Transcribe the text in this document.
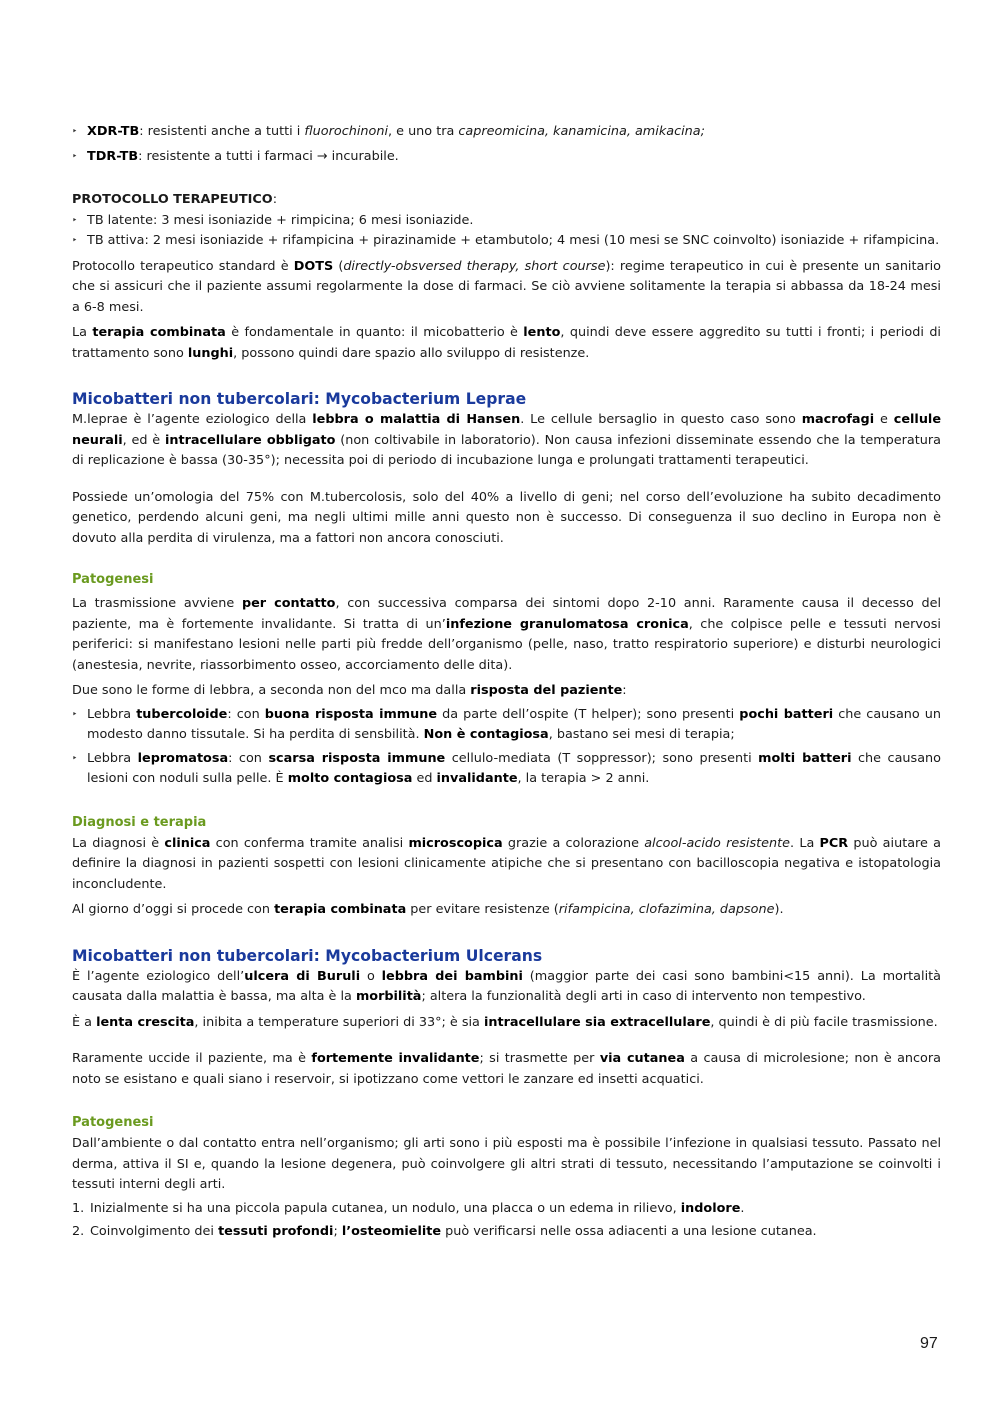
‣ XDR-TB: resistenti anche a tutti i fluorochinoni, e uno tra capreomicina, kanamicina, amikacina;
‣ TDR-TB: resistente a tutti i farmaci → incurabile.

PROTOCOLLO TERAPEUTICO:

‣ TB latente: 3 mesi isoniazide + rimpicina; 6 mesi isoniazide.
‣ TB attiva: 2 mesi isoniazide + rifampicina + pirazinamide + etambutolo; 4 mesi (10 mesi se SNC coinvolto) isoniazide + rifampicina.

Protocollo terapeutico standard è DOTS (directly-obsversed therapy, short course): regime terapeutico in cui è presente un sanitario che si assicuri che il paziente assumi regolarmente la dose di farmaci. Se ciò avviene solitamente la terapia si abbassa da 18-24 mesi a 6-8 mesi.

La terapia combinata è fondamentale in quanto: il micobatterio è lento, quindi deve essere aggredito su tutti i fronti; i periodi di trattamento sono lunghi, possono quindi dare spazio allo sviluppo di resistenze.

Micobatteri non tubercolari: Mycobacterium Leprae

M.leprae è l’agente eziologico della lebbra o malattia di Hansen. Le cellule bersaglio in questo caso sono macrofagi e cellule neurali, ed è intracellulare obbligato (non coltivabile in laboratorio). Non causa infezioni disseminate essendo che la temperatura di replicazione è bassa (30-35°); necessita poi di periodo di incubazione lunga e prolungati trattamenti terapeutici.

Possiede un’omologia del 75% con M.tubercolosis, solo del 40% a livello di geni; nel corso dell’evoluzione ha subito decadimento genetico, perdendo alcuni geni, ma negli ultimi mille anni questo non è successo. Di conseguenza il suo declino in Europa non è dovuto alla perdita di virulenza, ma a fattori non ancora conosciuti.

Patogenesi

La trasmissione avviene per contatto, con successiva comparsa dei sintomi dopo 2-10 anni. Raramente causa il decesso del paziente, ma è fortemente invalidante. Si tratta di un’infezione granulomatosa cronica, che colpisce pelle e tessuti nervosi periferici: si manifestano lesioni nelle parti più fredde dell’organismo (pelle, naso, tratto respiratorio superiore) e disturbi neurologici (anestesia, nevrite, riassorbimento osseo, accorciamento delle dita).

Due sono le forme di lebbra, a seconda non del mco ma dalla risposta del paziente:

‣ Lebbra tubercoloide: con buona risposta immune da parte dell’ospite (T helper); sono presenti pochi batteri che causano un modesto danno tissutale. Si ha perdita di sensbilità. Non è contagiosa, bastano sei mesi di terapia;
‣ Lebbra lepromatosa: con scarsa risposta immune cellulo-mediata (T soppressor); sono presenti molti batteri che causano lesioni con noduli sulla pelle. È molto contagiosa ed invalidante, la terapia > 2 anni.
Diagnosi e terapia

La diagnosi è clinica con conferma tramite analisi microscopica grazie a colorazione alcool-acido resistente. La PCR può aiutare a definire la diagnosi in pazienti sospetti con lesioni clinicamente atipiche che si presentano con bacilloscopia negativa e istopatologia inconcludente.

Al giorno d’oggi si procede con terapia combinata per evitare resistenze (rifampicina, clofazimina, dapsone).

Micobatteri non tubercolari: Mycobacterium Ulcerans

È l’agente eziologico dell’ulcera di Buruli o lebbra dei bambini (maggior parte dei casi sono bambini<15 anni). La mortalità causata dalla malattia è bassa, ma alta è la morbilità; altera la funzionalità degli arti in caso di intervento non tempestivo.

È a lenta crescita, inibita a temperature superiori di 33°; è sia intracellulare sia extracellulare, quindi è di più facile trasmissione.

Raramente uccide il paziente, ma è fortemente invalidante; si trasmette per via cutanea a causa di microlesione; non è ancora noto se esistano e quali siano i reservoir, si ipotizzano come vettori le zanzare ed insetti acquatici.

Patogenesi

Dall’ambiente o dal contatto entra nell’organismo; gli arti sono i più esposti ma è possibile l’infezione in qualsiasi tessuto. Passato nel derma, attiva il SI e, quando la lesione degenera, può coinvolgere gli altri strati di tessuto, necessitando l’amputazione se coinvolti i tessuti interni degli arti.

1. Inizialmente si ha una piccola papula cutanea, un nodulo, una placca o un edema in rilievo, indolore.
2. Coinvolgimento dei tessuti profondi; l’osteomielite può verificarsi nelle ossa adiacenti a una lesione cutanea.
97
